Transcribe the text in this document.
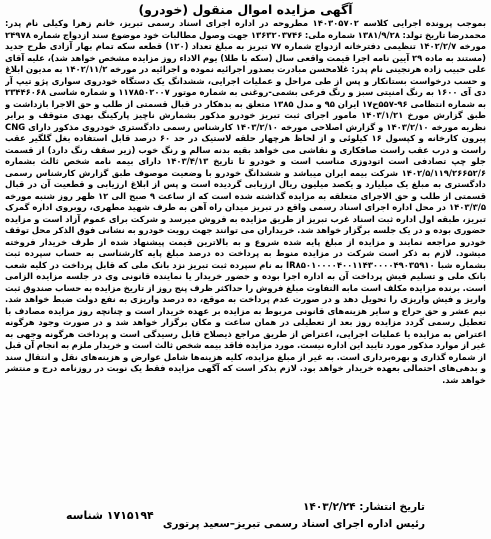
آگهی مزایده اموال منقول (خودرو)

بموجب پرونده اجرایی کلاسه ۱۴۰۳۰۵۷۰۲ مطروحه در اداره اجرای اسناد رسمی تبریز، خانم زهرا وکیلی نام پدر: محمدرضا تاریخ تولد: ۱۳۸۱/۹/۲۸ شماره ملی: ۱۳۶۳۲۰۳۷۴۶ جهت وصول مطالبات خود موضوع سند ازدواج شماره ۲۴۹۷۸ مورخه ۱۴۰۲/۲/۷ تنظیمی دفترخانه ازدواج شماره ۷۷ تبریز به مبلغ تعداد (۱۲۰) قطعه سکه تمام بهار آزادی طرح جدید (مستند به ماده ۲۹ آیین نامه اجرا قیمت واقعی سال (سکه با طلا) یوم الاداء روز مزایده مشخص خواهد شد)، علیه آقای علی حبیب زاده هرنجینی نام پدر: غلامحسن مبادرت بصدور اجرائیه نموده و اجرائیه در مورخه ۱۴۰۲/۱۱/۲ به مدیون ابلاغ و حسب درخواست بستانکار و پس از طی مراحل و عملیات اجرایی، ششدانگ یک دستگاه خودروی سواری پژو تیپ آر دی آی ۱۶۰۰ به رنگ امنیتی سبز و رنگ فرعی بشمی-روغنی به شماره موتور ۱۱۷۸۵۰۲۰۰۷ و شماره شاسی ۲۳۴۴۶۰۶۸ به شماره انتظامی ۹۶-۵۵۷ح۱۷ ایران ۹۵ و مدل ۱۳۸۵ متعلق به بدهکار در قبال قسمتی از طلب و حق الاجرا بازداشت و طبق گزارش مورخ ۱۴۰۳/۱/۲۱ مامور اجرای ثبت تبریز خودرو مذکور بشمارش ناچیز پارکینگ بهدی متوقف و برابر نظریه مورخه ۱۴۰۳/۲/۱۰ و گزارش اصلاحی مورخه ۱۴۰۳/۲/۱۰ کارشناس رسمی دادگستری خودروی مذکور دارای CNG پیرون کارخانه و کپسول ۱۶ کیلوئی و از لحاظ هرچهار حلقه لاستیک در حد ۶۰ درصد قابل استفاده بغل گلگیر عقب راست و درب عقب راست صافکاری و نقاشی می خواهد بقیه بدنه سالم و رنگ خوب (زیر سقف رنگ دارد) از قسمت جلو چپ تصادفی است اتودوزی مناسب است و خودرو تا تاریخ ۱۴۰۳/۴/۱۳ دارای بیمه نامه شخص ثالث بشماره ۱۴۰۲/۵/۱۱۹/۲۶۶۵۲/۶ شرکت بیمه ایران میباشد و ششدانگ خودرو با وضعیت موصوف طبق گزارش کارشناس رسمی دادگستری به مبلغ یک میلیارد و یکصد میلیون ریال ارزیابی گردیده است و پس از ابلاغ ارزیابی و قطعیت آن در قبال قسمتی از طلب و حق الاجرای متعلقه به مزایده گذاشته شده است که از ساعت ۹ صبح الی ۱۲ ظهر روز شنبه مورخه ۱۴۰۳/۳/۵ در محل اداره اجرای اسناد رسمی واقع در تبریز میدان راه آهن به طرف شهید مطهری، روبروی اداره گمرک تبریز، طبقه اول اداره ثبت اسناد غرب تبریز از طریق مزایده به فروش میرسد و شرکت برای عموم آزاد است و مزایده حضوری بوده و در یک جلسه برگزار خواهد شد. خریداران می توانند جهت رویت خودرو به نشانی فوق الذکر محل توقف خودرو مراجعه نمایند و مزایده از مبلغ پایه شده شروع و به بالاترین قیمت پیشنهاد شده از طرف خریدار فروخته میشود. لازم به ذکر است شرکت در مزایده منوط به پرداخت ده درصد مبلغ پایه کارشناسی به حساب سپرده ثبت بشماره شبا IR۸۵۰۱۰۰۰۰۴۰۰۱۱۴۳۰۰۰۰۴۹۰۳۵۹۱۰ به نام سپرده ثبت تبریز نزد بانک ملی که قابل پرداخت در کلیه شعب بانک ملی و تسلیم فیش پرداخت آن به اداره اجرا بوده و حضور خریدار یا نماینده قانونی وی در جلسه مزایده الزامی است. برنده مزایده مکلف است مابه التفاوت مبلغ فروش را حداکثر ظرف پنج روز از تاریخ مزایده به حساب صندوق ثبت واریز و فیش واریزی را تحویل دهد و در صورت عدم پرداخت به موقع، ده درصد واریزی به نفع دولت ضبط خواهد شد. نیم عشر و حق حراج و سایر هزینه‌های قانونی مربوط به مزایده بر عهده خریدار است و چنانچه روز مزایده مصادف با تعطیل رسمی گردد مزایده روز بعد از تعطیلی در همان ساعت و مکان برگزار خواهد شد و در صورت وجود هرگونه اعتراض به مزایده یا عملیات اجرایی، اعتراض از طریق مراجع ذیصلاح قابل رسیدگی است و پرداخت هرگونه وجهی به غیر از موارد مذکور مورد تایید این اداره نیست. مورد مزایده فاقد بیمه شخص ثالث است و خریدار ملزم به انجام آن قبل از شماره گذاری و بهره‌برداری است. به غیر از مبلغ مزایده، کلیه هزینه‌ها شامل عوارض و هزینه‌های نقل و انتقال سند و بدهی‌های احتمالی بعهده خریدار خواهد بود. لازم بذکر است که آگهی مزایده فقط یک نوبت در روزنامه درج و منتشر خواهد شد.

تاریخ انتشار: ۱۴۰۳/۲/۲۴
رئیس اداره اجرای اسناد رسمی تبریز–سعید پرتوری
۱۷۱۵۱۹۴ شناسه
